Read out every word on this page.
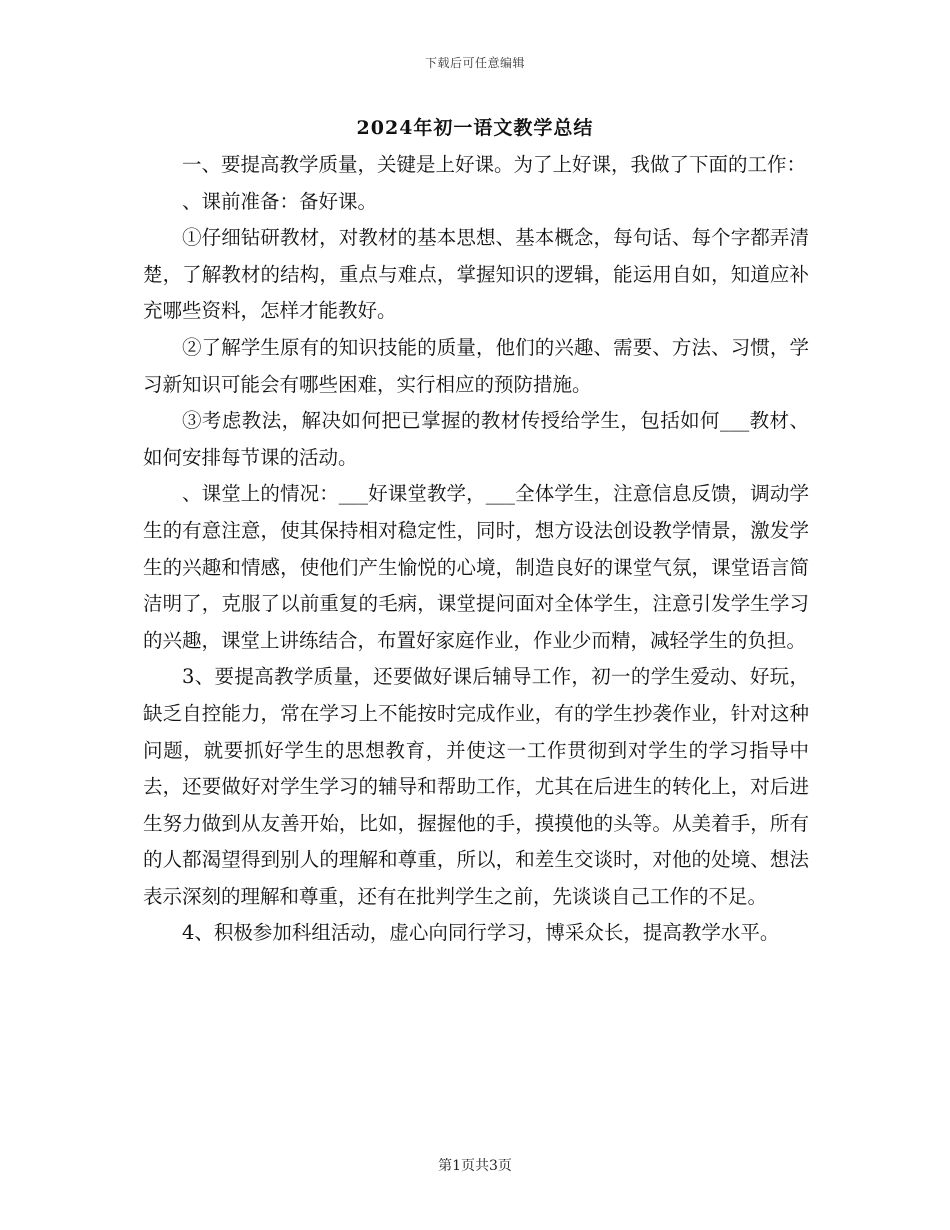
下载后可任意编辑
2024年初一语文教学总结

一、要提高教学质量，关键是上好课。为了上好课，我做了下面的工作：

、课前准备：备好课。

①仔细钻研教材，对教材的基本思想、基本概念，每句话、每个字都弄清楚，了解教材的结构，重点与难点，掌握知识的逻辑，能运用自如，知道应补充哪些资料，怎样才能教好。

②了解学生原有的知识技能的质量，他们的兴趣、需要、方法、习惯，学习新知识可能会有哪些困难，实行相应的预防措施。

③考虑教法，解决如何把已掌握的教材传授给学生，包括如何___教材、如何安排每节课的活动。

、课堂上的情况：___好课堂教学，___全体学生，注意信息反馈，调动学生的有意注意，使其保持相对稳定性，同时，想方设法创设教学情景，激发学生的兴趣和情感，使他们产生愉悦的心境，制造良好的课堂气氛，课堂语言简洁明了，克服了以前重复的毛病，课堂提问面对全体学生，注意引发学生学习的兴趣，课堂上讲练结合，布置好家庭作业，作业少而精，减轻学生的负担。

3、要提高教学质量，还要做好课后辅导工作，初一的学生爱动、好玩，缺乏自控能力，常在学习上不能按时完成作业，有的学生抄袭作业，针对这种问题，就要抓好学生的思想教育，并使这一工作贯彻到对学生的学习指导中去，还要做好对学生学习的辅导和帮助工作，尤其在后进生的转化上，对后进生努力做到从友善开始，比如，握握他的手，摸摸他的头等。从美着手，所有的人都渴望得到别人的理解和尊重，所以，和差生交谈时，对他的处境、想法表示深刻的理解和尊重，还有在批判学生之前，先谈谈自己工作的不足。

4、积极参加科组活动，虚心向同行学习，博采众长，提高教学水平。

第1页共3页
